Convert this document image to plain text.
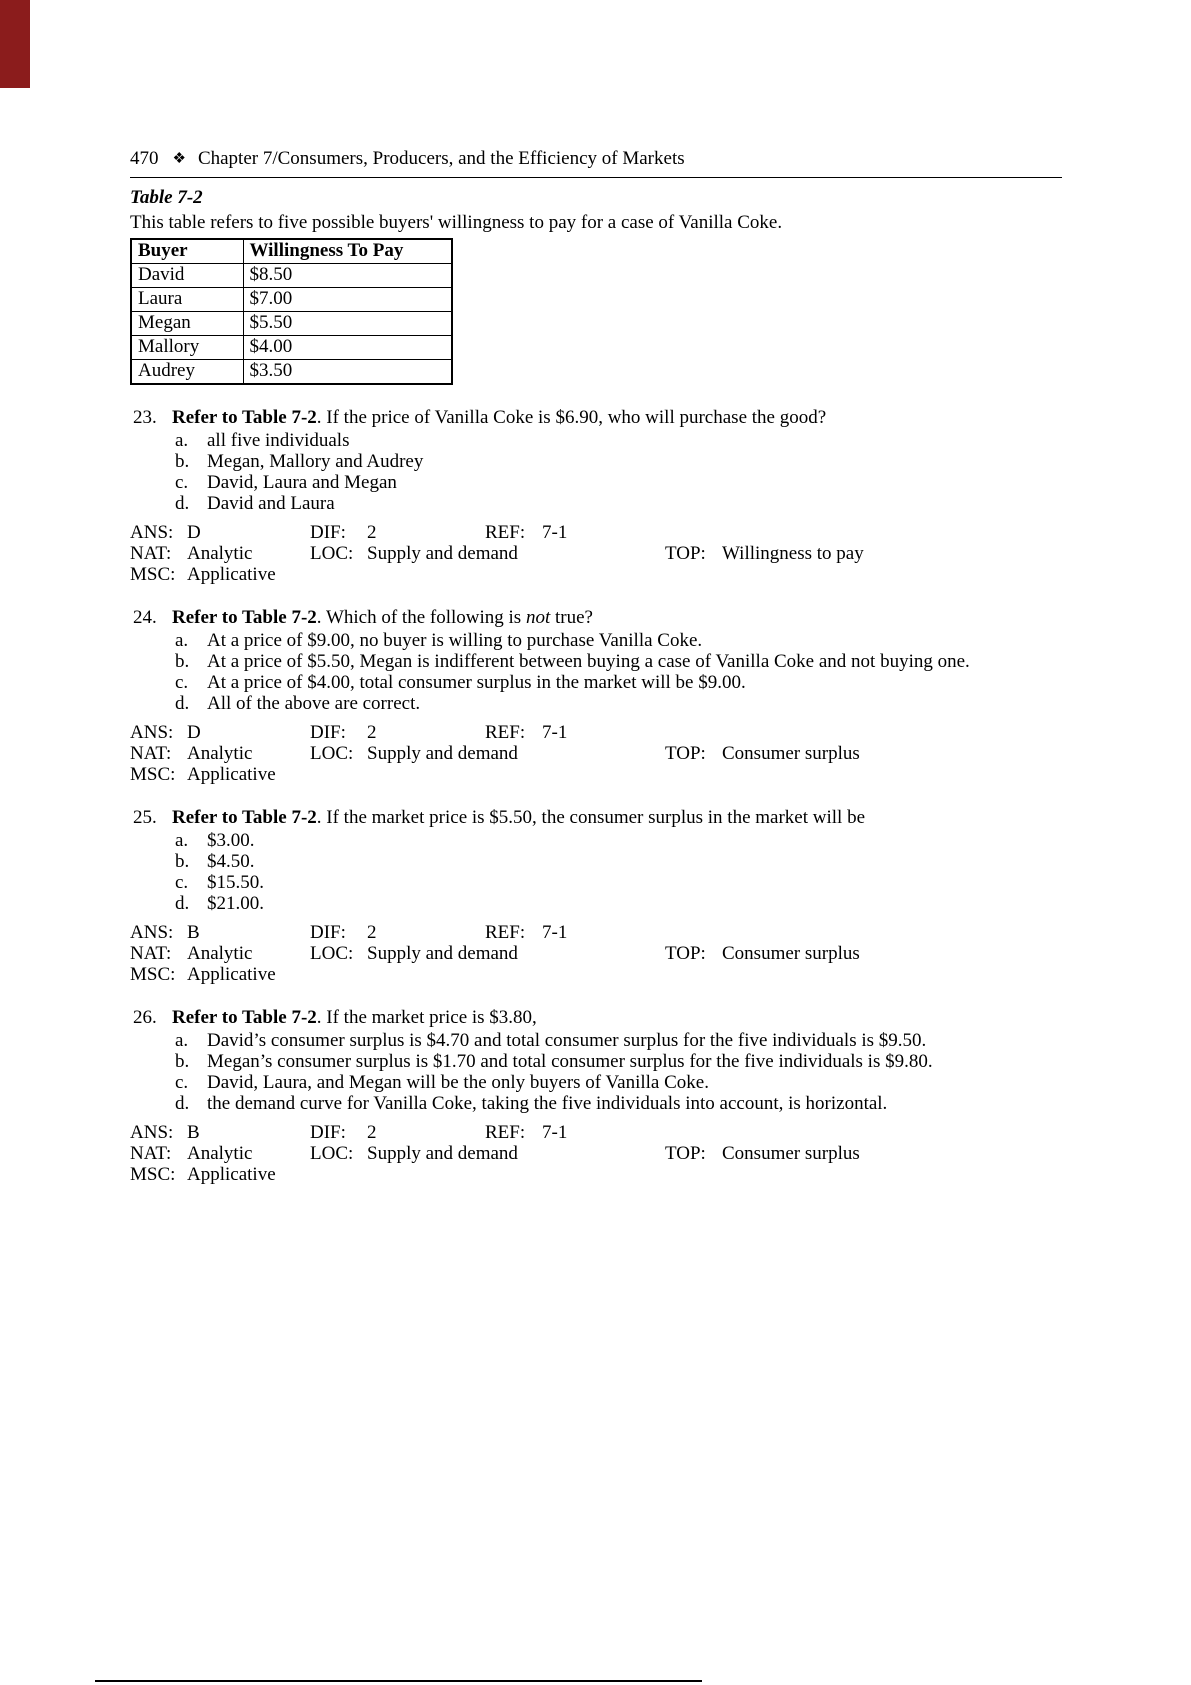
470 ❖ Chapter 7/Consumers, Producers, and the Efficiency of Markets
Table 7-2
This table refers to five possible buyers' willingness to pay for a case of Vanilla Coke.
Buyer	Willingness To Pay
David	$8.50
Laura	$7.00
Megan	$5.50
Mallory	$4.00
Audrey	$3.50
23. Refer to Table 7-2. If the price of Vanilla Coke is $6.90, who will purchase the good?
a. all five individuals
b. Megan, Mallory and Audrey
c. David, Laura and Megan
d. David and Laura
ANS: D	DIF: 2	REF: 7-1
NAT: Analytic	LOC: Supply and demand	TOP: Willingness to pay
MSC: Applicative
24. Refer to Table 7-2. Which of the following is not true?
a. At a price of $9.00, no buyer is willing to purchase Vanilla Coke.
b. At a price of $5.50, Megan is indifferent between buying a case of Vanilla Coke and not buying one.
c. At a price of $4.00, total consumer surplus in the market will be $9.00.
d. All of the above are correct.
ANS: D	DIF: 2	REF: 7-1
NAT: Analytic	LOC: Supply and demand	TOP: Consumer surplus
MSC: Applicative
25. Refer to Table 7-2. If the market price is $5.50, the consumer surplus in the market will be
a. $3.00.
b. $4.50.
c. $15.50.
d. $21.00.
ANS: B	DIF: 2	REF: 7-1
NAT: Analytic	LOC: Supply and demand	TOP: Consumer surplus
MSC: Applicative
26. Refer to Table 7-2. If the market price is $3.80,
a. David’s consumer surplus is $4.70 and total consumer surplus for the five individuals is $9.50.
b. Megan’s consumer surplus is $1.70 and total consumer surplus for the five individuals is $9.80.
c. David, Laura, and Megan will be the only buyers of Vanilla Coke.
d. the demand curve for Vanilla Coke, taking the five individuals into account, is horizontal.
ANS: B	DIF: 2	REF: 7-1
NAT: Analytic	LOC: Supply and demand	TOP: Consumer surplus
MSC: Applicative
